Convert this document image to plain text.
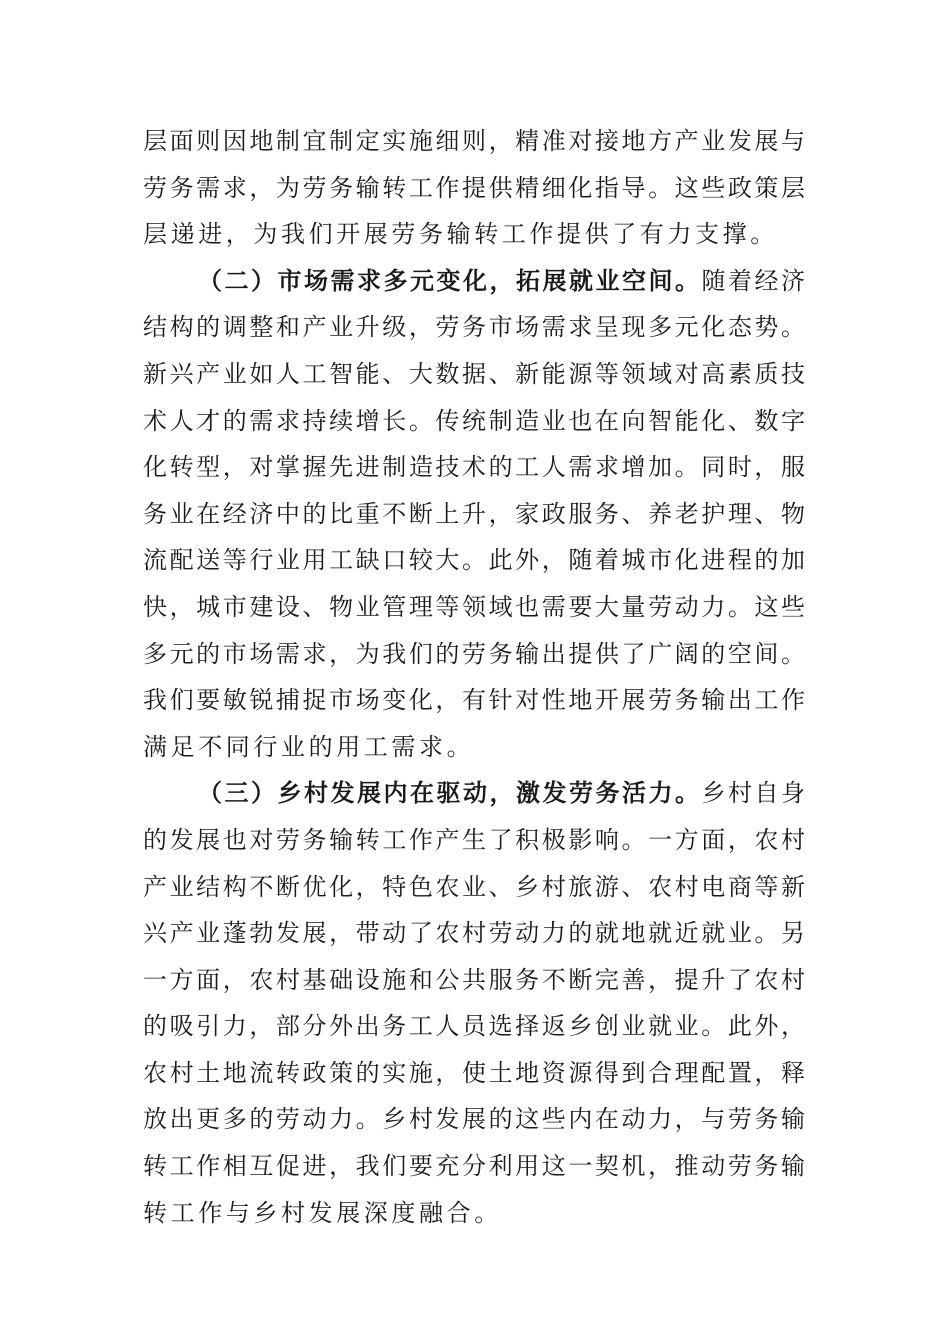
层面则因地制宜制定实施细则，精准对接地方产业发展与
劳务需求，为劳务输转工作提供精细化指导。这些政策层
层递进，为我们开展劳务输转工作提供了有力支撑。
（二）市场需求多元变化，拓展就业空间。随着经济
结构的调整和产业升级，劳务市场需求呈现多元化态势。
新兴产业如人工智能、大数据、新能源等领域对高素质技
术人才的需求持续增长。传统制造业也在向智能化、数字
化转型，对掌握先进制造技术的工人需求增加。同时，服
务业在经济中的比重不断上升，家政服务、养老护理、物
流配送等行业用工缺口较大。此外，随着城市化进程的加
快，城市建设、物业管理等领域也需要大量劳动力。这些
多元的市场需求，为我们的劳务输出提供了广阔的空间。
我们要敏锐捕捉市场变化，有针对性地开展劳务输出工作
满足不同行业的用工需求。
（三）乡村发展内在驱动，激发劳务活力。乡村自身
的发展也对劳务输转工作产生了积极影响。一方面，农村
产业结构不断优化，特色农业、乡村旅游、农村电商等新
兴产业蓬勃发展，带动了农村劳动力的就地就近就业。另
一方面，农村基础设施和公共服务不断完善，提升了农村
的吸引力，部分外出务工人员选择返乡创业就业。此外，
农村土地流转政策的实施，使土地资源得到合理配置，释
放出更多的劳动力。乡村发展的这些内在动力，与劳务输
转工作相互促进，我们要充分利用这一契机，推动劳务输
转工作与乡村发展深度融合。
